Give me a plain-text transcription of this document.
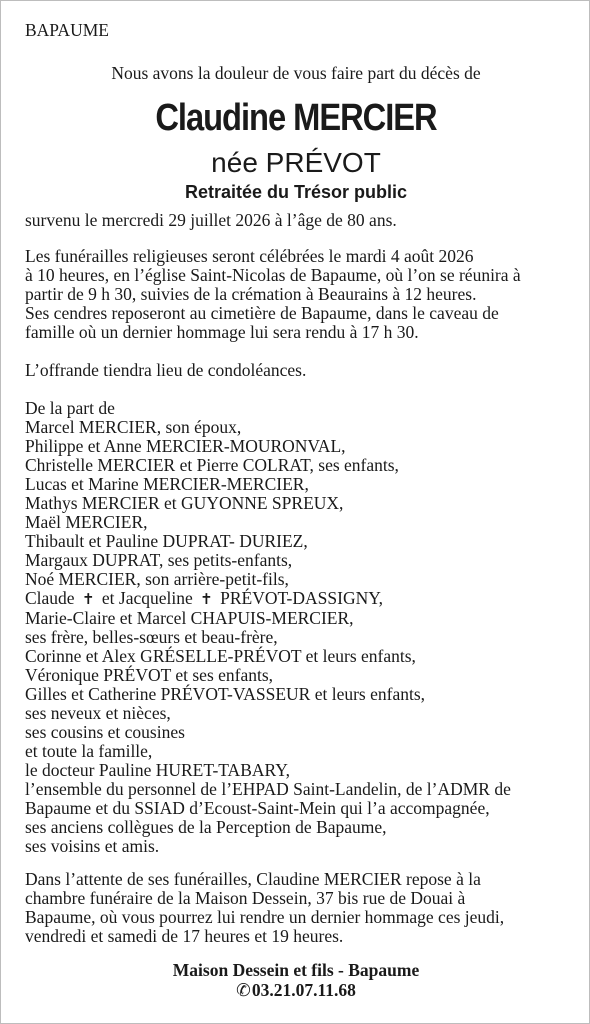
BAPAUME
Nous avons la douleur de vous faire part du décès de
Claudine MERCIER
née PRÉVOT
Retraitée du Trésor public
survenu le mercredi 29 juillet 2026 à l’âge de 80 ans.
Les funérailles religieuses seront célébrées le mardi 4 août 2026
à 10 heures, en l’église Saint-Nicolas de Bapaume, où l’on se réunira à
partir de 9 h 30, suivies de la crémation à Beaurains à 12 heures.
Ses cendres reposeront au cimetière de Bapaume, dans le caveau de
famille où un dernier hommage lui sera rendu à 17 h 30.
L’offrande tiendra lieu de condoléances.
De la part de
Marcel MERCIER, son époux,
Philippe et Anne MERCIER-MOURONVAL,
Christelle MERCIER et Pierre COLRAT, ses enfants,
Lucas et Marine MERCIER-MERCIER,
Mathys MERCIER et GUYONNE SPREUX,
Maël MERCIER,
Thibault et Pauline DUPRAT- DURIEZ,
Margaux DUPRAT, ses petits-enfants,
Noé MERCIER, son arrière-petit-fils,
Claude ✝ et Jacqueline ✝ PRÉVOT-DASSIGNY,
Marie-Claire et Marcel CHAPUIS-MERCIER,
ses frère, belles-sœurs et beau-frère,
Corinne et Alex GRÉSELLE-PRÉVOT et leurs enfants,
Véronique PRÉVOT et ses enfants,
Gilles et Catherine PRÉVOT-VASSEUR et leurs enfants,
ses neveux et nièces,
ses cousins et cousines
et toute la famille,
le docteur Pauline HURET-TABARY,
l’ensemble du personnel de l’EHPAD Saint-Landelin, de l’ADMR de
Bapaume et du SSIAD d’Ecoust-Saint-Mein qui l’a accompagnée,
ses anciens collègues de la Perception de Bapaume,
ses voisins et amis.
Dans l’attente de ses funérailles, Claudine MERCIER repose à la
chambre funéraire de la Maison Dessein, 37 bis rue de Douai à
Bapaume, où vous pourrez lui rendre un dernier hommage ces jeudi,
vendredi et samedi de 17 heures et 19 heures.
Maison Dessein et fils - Bapaume
✆03.21.07.11.68
